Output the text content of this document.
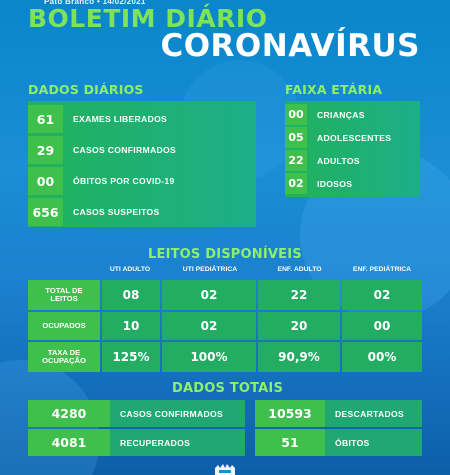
Pato Branco • 14/02/2021
BOLETIM DIÁRIO
CORONAVÍRUS
DADOS DIÁRIOS
61	EXAMES LIBERADOS
29	CASOS CONFIRMADOS
00	ÓBITOS POR COVID-19
656	CASOS SUSPEITOS
FAIXA ETÁRIA
00	CRIANÇAS
05	ADOLESCENTES
22	ADULTOS
02	IDOSOS
LEITOS DISPONÍVEIS
UTI ADULTO	UTI PEDIÁTRICA	ENF. ADULTO	ENF. PEDIÁTRICA
TOTAL DE
LEITOS	08	02	22	02
OCUPADOS	10	02	20	00
TAXA DE
OCUPAÇÃO	125%	100%	90,9%	00%
DADOS TOTAIS
4280	CASOS CONFIRMADOS	10593	DESCARTADOS
4081	RECUPERADOS	51	ÓBITOS
